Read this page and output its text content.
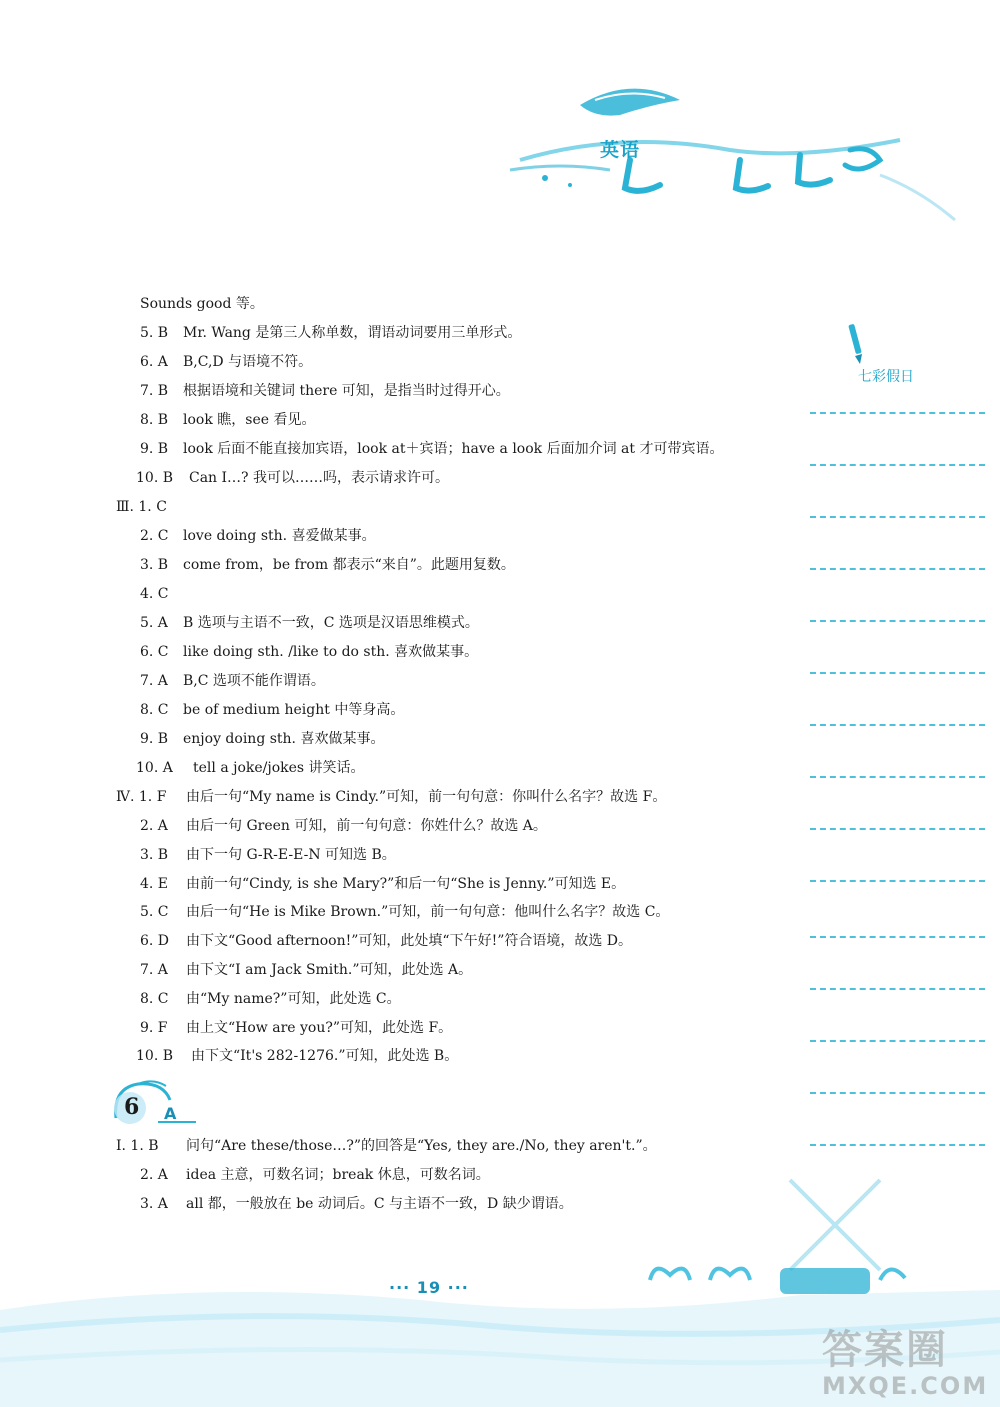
英语
七彩假日
Sounds good 等。
5. B Mr. Wang 是第三人称单数，谓语动词要用三单形式。
6. A B,C,D 与语境不符。
7. B 根据语境和关键词 there 可知，是指当时过得开心。
8. B look 瞧，see 看见。
9. B look 后面不能直接加宾语，look at＋宾语；have a look 后面加介词 at 才可带宾语。
10. B Can I…? 我可以……吗，表示请求许可。
Ⅲ. 1. C
2. C love doing sth. 喜爱做某事。
3. B come from，be from 都表示“来自”。此题用复数。
4. C
5. A B 选项与主语不一致，C 选项是汉语思维模式。
6. C like doing sth. /like to do sth. 喜欢做某事。
7. A B,C 选项不能作谓语。
8. C be of medium height 中等身高。
9. B enjoy doing sth. 喜欢做某事。
10. A tell a joke/jokes 讲笑话。
Ⅳ. 1. F 由后一句“My name is Cindy.”可知，前一句句意：你叫什么名字？故选 F。
2. A 由后一句 Green 可知，前一句句意：你姓什么？故选 A。
3. B 由下一句 G-R-E-E-N 可知选 B。
4. E 由前一句“Cindy, is she Mary?”和后一句“She is Jenny.”可知选 E。
5. C 由后一句“He is Mike Brown.”可知，前一句句意：他叫什么名字？故选 C。
6. D 由下文“Good afternoon!”可知，此处填“下午好!”符合语境，故选 D。
7. A 由下文“I am Jack Smith.”可知，此处选 A。
8. C 由“My name?”可知，此处选 C。
9. F 由上文“How are you?”可知，此处选 F。
10. B 由下文“It's 282-1276.”可知，此处选 B。
Ⅰ. 1. B 问句“Are these/those…?”的回答是“Yes, they are./No, they aren't.”。
2. A idea 主意，可数名词；break 休息，可数名词。
3. A all 都，一般放在 be 动词后。C 与主语不一致，D 缺少谓语。
6 A
··· 19 ···
答案圈
MXQE.COM
